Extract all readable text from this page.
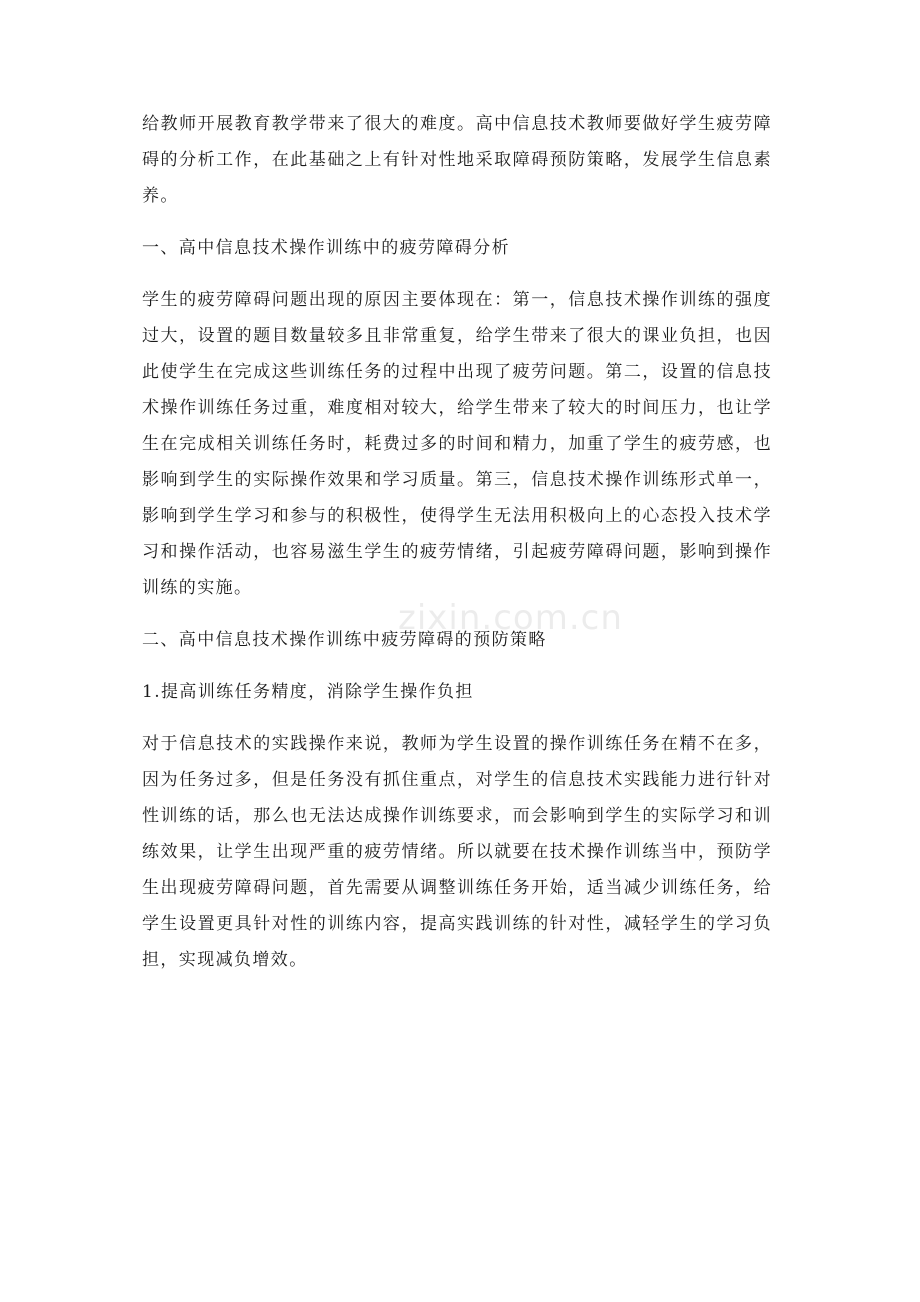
给教师开展教育教学带来了很大的难度。高中信息技术教师要做好学生疲劳障碍的分析工作，在此基础之上有针对性地采取障碍预防策略，发展学生信息素养。

一、高中信息技术操作训练中的疲劳障碍分析

学生的疲劳障碍问题出现的原因主要体现在：第一，信息技术操作训练的强度过大，设置的题目数量较多且非常重复，给学生带来了很大的课业负担，也因此使学生在完成这些训练任务的过程中出现了疲劳问题。第二，设置的信息技术操作训练任务过重，难度相对较大，给学生带来了较大的时间压力，也让学生在完成相关训练任务时，耗费过多的时间和精力，加重了学生的疲劳感，也影响到学生的实际操作效果和学习质量。第三，信息技术操作训练形式单一，影响到学生学习和参与的积极性，使得学生无法用积极向上的心态投入技术学习和操作活动，也容易滋生学生的疲劳情绪，引起疲劳障碍问题，影响到操作训练的实施。

二、高中信息技术操作训练中疲劳障碍的预防策略

1.提高训练任务精度，消除学生操作负担

对于信息技术的实践操作来说，教师为学生设置的操作训练任务在精不在多，因为任务过多，但是任务没有抓住重点，对学生的信息技术实践能力进行针对性训练的话，那么也无法达成操作训练要求，而会影响到学生的实际学习和训练效果，让学生出现严重的疲劳情绪。所以就要在技术操作训练当中，预防学生出现疲劳障碍问题，首先需要从调整训练任务开始，适当减少训练任务，给学生设置更具针对性的训练内容，提高实践训练的针对性，减轻学生的学习负担，实现减负增效。

zixin.com.cn
